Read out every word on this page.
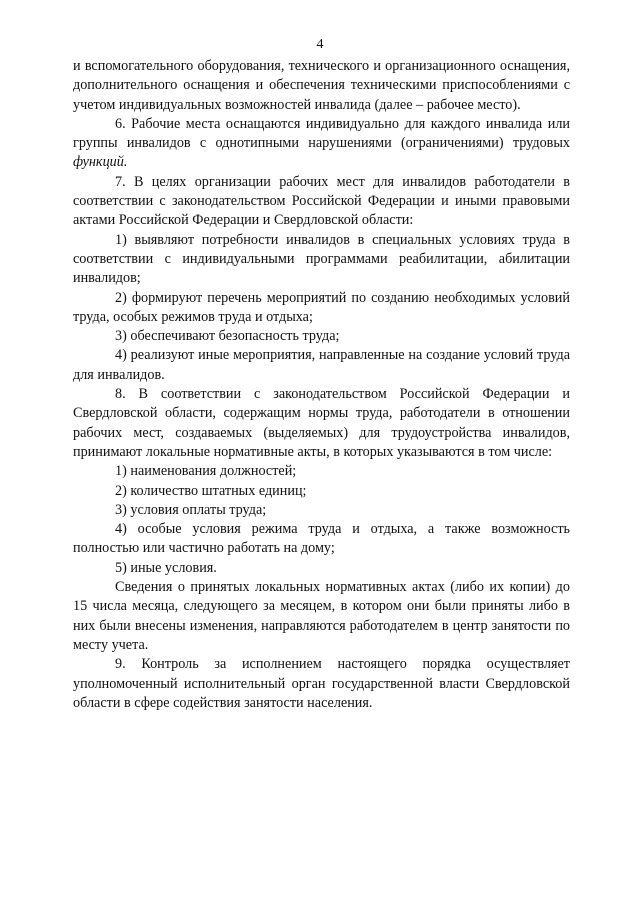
4

и вспомогательного оборудования, технического и организационного оснащения, дополнительного оснащения и обеспечения техническими приспособлениями с учетом индивидуальных возможностей инвалида (далее – рабочее место).

6. Рабочие места оснащаются индивидуально для каждого инвалида или группы инвалидов с однотипными нарушениями (ограничениями) трудовых функций.

7. В целях организации рабочих мест для инвалидов работодатели в соответствии с законодательством Российской Федерации и иными правовыми актами Российской Федерации и Свердловской области:

1) выявляют потребности инвалидов в специальных условиях труда в соответствии с индивидуальными программами реабилитации, абилитации инвалидов;

2) формируют перечень мероприятий по созданию необходимых условий труда, особых режимов труда и отдыха;

3) обеспечивают безопасность труда;

4) реализуют иные мероприятия, направленные на создание условий труда для инвалидов.

8. В соответствии с законодательством Российской Федерации и Свердловской области, содержащим нормы труда, работодатели в отношении рабочих мест, создаваемых (выделяемых) для трудоустройства инвалидов, принимают локальные нормативные акты, в которых указываются в том числе:

1) наименования должностей;

2) количество штатных единиц;

3) условия оплаты труда;

4) особые условия режима труда и отдыха, а также возможность полностью или частично работать на дому;

5) иные условия.

Сведения о принятых локальных нормативных актах (либо их копии) до 15 числа месяца, следующего за месяцем, в котором они были приняты либо в них были внесены изменения, направляются работодателем в центр занятости по месту учета.

9. Контроль за исполнением настоящего порядка осуществляет уполномоченный исполнительный орган государственной власти Свердловской области в сфере содействия занятости населения.
